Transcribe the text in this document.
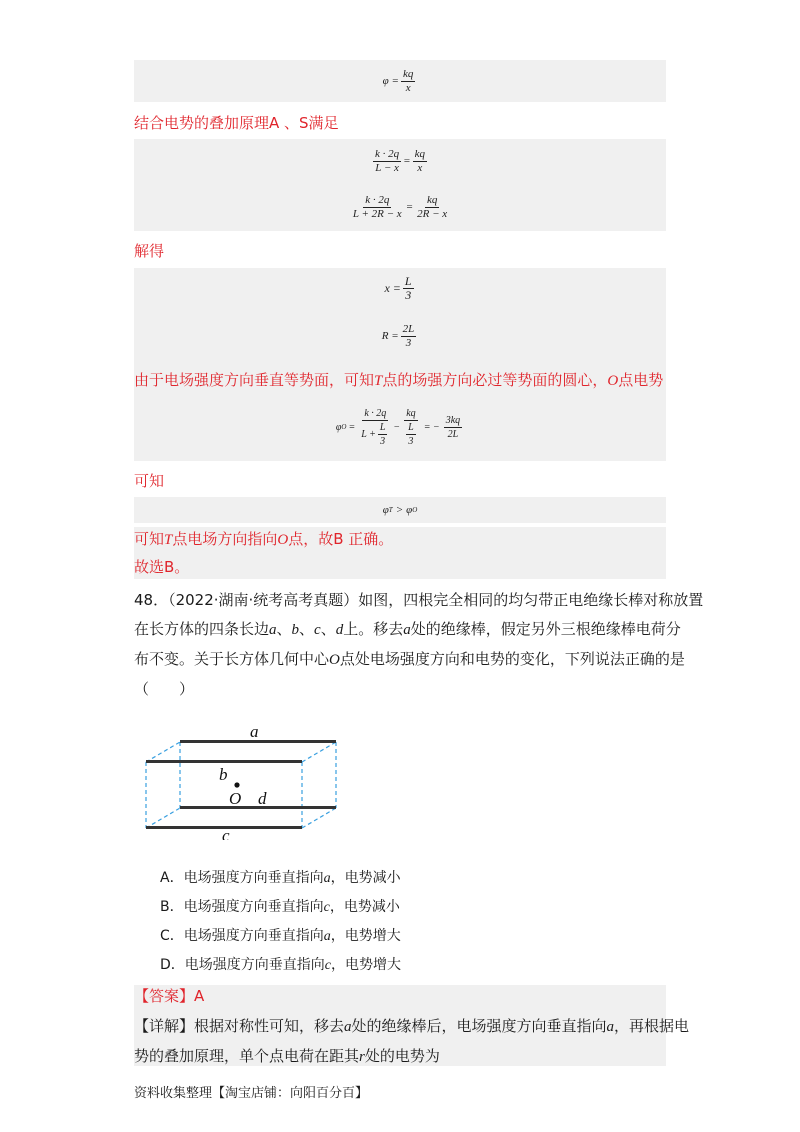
$\varphi = \frac{kq}{x}$
结合电势的叠加原理A 、S满足
$\frac{k \cdot 2q}{L - x} = \frac{kq}{x}$
$\frac{k \cdot 2q}{L + 2R - x} = \frac{kq}{2R - x}$
解得
$x = \frac{L}{3}$
$R = \frac{2L}{3}$
由于电场强度方向垂直等势面，可知T点的场强方向必过等势面的圆心，O点电势
φ $O = \frac{k \cdot 2q}{L + \frac{L}{3}} - \frac{kq}{\frac{L}{3}}$ = − $\frac{3kq}{2L}$
可知
φ T > φ O
可知T点电场方向指向O点，故B 正确。
故选B。
48．（2022·湖南·统考高考真题）如图，四根完全相同的均匀带正电绝缘长棒对称放置
在长方体的四条长边a、b、c、d上。移去a处的绝缘棒，假定另外三根绝缘棒电荷分
布不变。关于长方体几何中心O点处电场强度方向和电势的变化，下列说法正确的是
（　　）
a
b
O d
c
A．电场强度方向垂直指向a，电势减小
B．电场强度方向垂直指向c，电势减小
C．电场强度方向垂直指向a，电势增大
D．电场强度方向垂直指向c，电势增大
【答案】A
【详解】根据对称性可知，移去a处的绝缘棒后，电场强度方向垂直指向a，再根据电
势的叠加原理，单个点电荷在距其r处的电势为
资料收集整理【淘宝店铺：向阳百分百】
